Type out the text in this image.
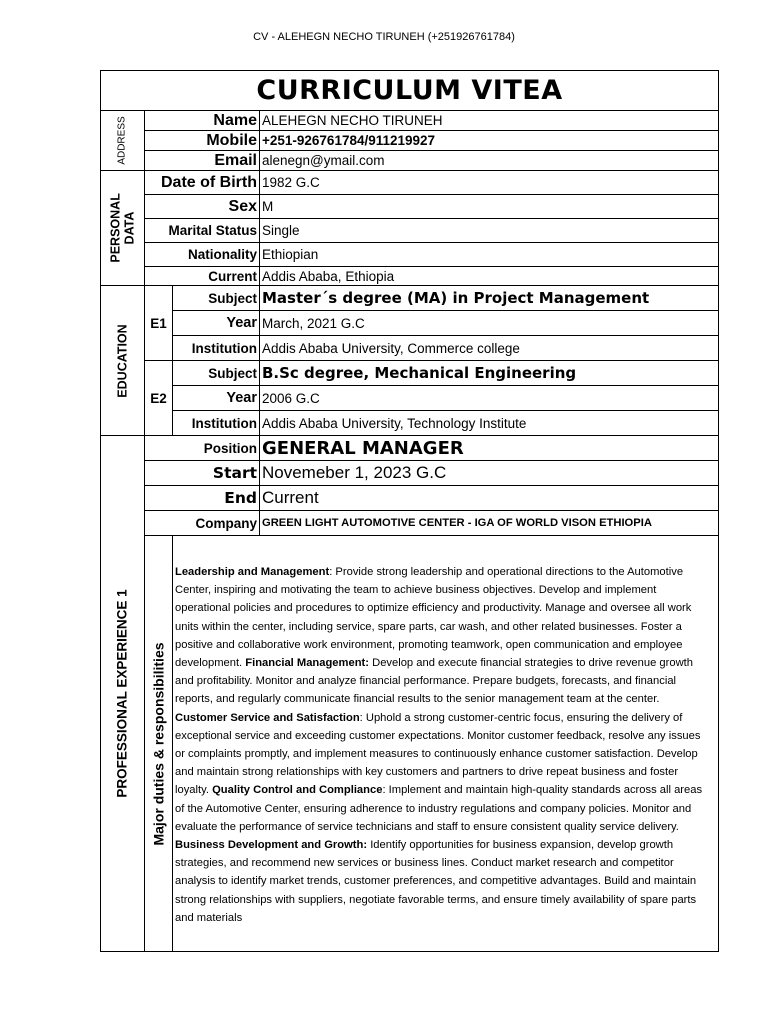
CV - ALEHEGN NECHO TIRUNEH (+251926761784)
CURRICULUM VITEA
ADDRESS	Name ALEHEGN NECHO TIRUNEH
Mobile +251-926761784/911219927
Email alenegn@ymail.com
PERSONAL DATA
Date of Birth 1982 G.C
Sex M
Marital Status Single
Nationality Ethiopian
Current Addis Ababa, Ethiopia
EDUCATION
E1
Subject Master´s degree (MA) in Project Management
Year March, 2021 G.C
Institution Addis Ababa University, Commerce college
E2
Subject B.Sc degree, Mechanical Engineering
Year 2006 G.C
Institution Addis Ababa University, Technology Institute
PROFESSIONAL EXPERIENCE 1
Position GENERAL MANAGER
Start Novemeber 1, 2023 G.C
End Current
Company GREEN LIGHT AUTOMOTIVE CENTER - IGA OF WORLD VISON ETHIOPIA
Major duties & responsibilities
Leadership and Management: Provide strong leadership and operational directions to the Automotive Center, inspiring and motivating the team to achieve business objectives. Develop and implement operational policies and procedures to optimize efficiency and productivity. Manage and oversee all work units within the center, including service, spare parts, car wash, and other related businesses. Foster a positive and collaborative work environment, promoting teamwork, open communication and employee development. Financial Management: Develop and execute financial strategies to drive revenue growth and profitability. Monitor and analyze financial performance. Prepare budgets, forecasts, and financial reports, and regularly communicate financial results to the senior management team at the center.
Customer Service and Satisfaction: Uphold a strong customer-centric focus, ensuring the delivery of exceptional service and exceeding customer expectations. Monitor customer feedback, resolve any issues or complaints promptly, and implement measures to continuously enhance customer satisfaction. Develop and maintain strong relationships with key customers and partners to drive repeat business and foster loyalty. Quality Control and Compliance: Implement and maintain high-quality standards across all areas of the Automotive Center, ensuring adherence to industry regulations and company policies. Monitor and evaluate the performance of service technicians and staff to ensure consistent quality service delivery.
Business Development and Growth: Identify opportunities for business expansion, develop growth strategies, and recommend new services or business lines. Conduct market research and competitor analysis to identify market trends, customer preferences, and competitive advantages. Build and maintain strong relationships with suppliers, negotiate favorable terms, and ensure timely availability of spare parts and materials
